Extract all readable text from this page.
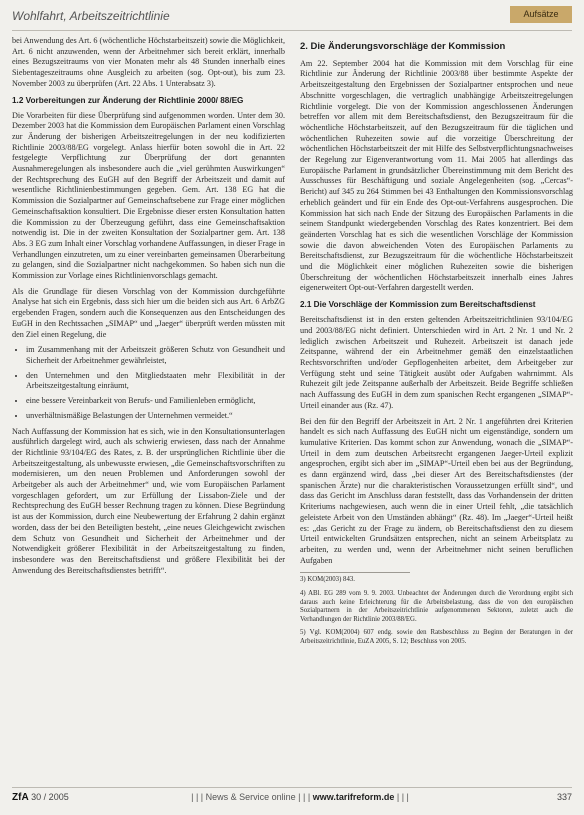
Wohlfahrt, Arbeitszeitrichtlinie	Aufsätze

bei Anwendung des Art. 6 (wöchentliche Höchstarbeitszeit) sowie die Möglichkeit, Art. 6 nicht anzuwenden, wenn der Arbeitnehmer sich bereit erklärt, innerhalb eines Bezugszeitraums von vier Monaten mehr als 48 Stunden innerhalb eines Siebentageszeitraums ohne Ausgleich zu arbeiten (sog. Opt-out), bis zum 23. November 2003 zu überprüfen (Art. 22 Abs. 1 Unterabsatz 3).

1.2 Vorbereitungen zur Änderung der Richtlinie 2000/ 88/EG

Die Vorarbeiten für diese Überprüfung sind aufgenommen worden. Unter dem 30. Dezember 2003 hat die Kommission dem Europäischen Parlament einen Vorschlag zur Änderung der bisherigen Arbeitszeitregelungen in der neu kodifizierten Richtlinie 2003/88/EG vorgelegt. Anlass hierfür boten sowohl die in Art. 22 festgelegte Verpflichtung zur Überprüfung der dort genannten Ausnahmeregelungen als insbesondere auch die „viel gerühmten Auswirkungen“ der Rechtsprechung des EuGH auf den Begriff der Arbeitszeit und damit auf wesentliche Richtlinienbestimmungen gegeben. Gem. Art. 138 EG hat die Kommission die Sozialpartner auf Gemeinschaftsebene zur Frage einer möglichen Gemeinschaftsaktion konsultiert. Die Ergebnisse dieser ersten Konsultation hatten die Kommission zu der Überzeugung geführt, dass eine Gemeinschaftsaktion notwendig ist. Die in der zweiten Konsultation der Sozialpartner gem. Art. 138 Abs. 3 EG zum Inhalt einer Vorschlag vorhandene Auffassungen, in dieser Frage in Verhandlungen einzutreten, um zu einer vereinbarten gemeinsamen Überarbeitung zu gelangen, sind die Sozialpartner nicht nachgekommen. So haben sich nun die Kommission zur Vorlage eines Richtlinienvorschlags gemacht.

Als die Grundlage für diesen Vorschlag von der Kommission durchgeführte Analyse hat sich ein Ergebnis, dass sich hier um die beiden sich aus Art. 6 ArbZG ergebenden Fragen, sondern auch die Konsequenzen aus den Entscheidungen des EuGH in den Rechtssachen „SIMAP“ und „Jaeger“ überprüft werden müssten mit den Ziel einen Regelung, die

• im Zusammenhang mit der Arbeitszeit größeren Schutz von Gesundheit und Sicherheit der Arbeitnehmer gewährleistet,
• den Unternehmen und den Mitgliedstaaten mehr Flexibilität in der Arbeitszeitgestaltung einräumt,
• eine bessere Vereinbarkeit von Berufs- und Familienleben ermöglicht,
• unverhältnismäßige Belastungen der Unternehmen vermeidet.“

Nach Auffassung der Kommission hat es sich, wie in den Konsultationsunterlagen ausführlich dargelegt wird, auch als schwierig erwiesen, dass nach der Annahme der Richtlinie 93/104/EG des Rates, z. B. der ursprünglichen Richtlinie über die Arbeitszeitgestaltung, als unbewusste erwiesen, „die Gemeinschaftsvorschriften zu modernisieren, um den neuen Problemen und Anforderungen sowohl der Arbeitgeber als auch der Arbeitnehmer“ und, wie vom Europäischen Parlament vorgeschlagen gefordert, um zur Erfüllung der Lissabon-Ziele und der Rechtsprechung des EuGH besser Rechnung tragen zu können. Diese Begründung ist aus der Kommission, durch eine Neubewertung der Erfahrung 2 dahin ergänzt worden, dass der bei den Beteiligten besteht, „eine neues Gleichgewicht zwischen dem Schutz von Gesundheit und Sicherheit der Arbeitnehmer und der Notwendigkeit größerer Flexibilität in der Arbeitszeitgestaltung zu finden, insbesondere was den Bereitschaftsdienst und größere Flexibilität bei der Anwendung des Bereitschaftsdienstes betrifft“.

2. Die Änderungsvorschläge der Kommission

Am 22. September 2004 hat die Kommission mit dem Vorschlag für eine Richtlinie zur Änderung der Richtlinie 2003/88 über bestimmte Aspekte der Arbeitszeitgestaltung den Ergebnissen der Sozialpartner entsprochen und neue Abschnitte vorgeschlagen, die vertraglich unabhängige Arbeitszeitregelungen Richtlinie vorgelegt. Die von der Kommission angeschlossenen Änderungen betreffen vor allem mit dem Bereitschaftsdienst, den Bezugszeitraum für die wöchentliche Höchstarbeitszeit, auf den Bezugszeitraum für die täglichen und wöchentlichen Ruhezeiten sowie auf die vorzeitige Überschreitung der wöchentlichen Höchstarbeitszeit der mit Hilfe des Selbstverpflichtungsnachweises der Regelung zur Eigenverantwortung vom 11. Mai 2005 hat allerdings das Europäische Parlament in grundsätzlicher Übereinstimmung mit dem Bericht des Ausschusses für Beschäftigung und soziale Angelegenheiten (sog. „Cercas“-Bericht) auf 345 zu 264 Stimmen bei 43 Enthaltungen den Kommissionsvorschlag erheblich geändert und für ein Ende des Opt-out-Verfahrens ausgesprochen. Die Kommission hat sich nach Ende der Sitzung des Europäischen Parlaments in die seinem Standpunkt wiedergebenden Vorschlag des Rates konzentriert. Bei dem geänderten Vorschlag hat es sich die wesentlichen Vorschläge der Kommission sowie die davon abweichenden Voten des Europäischen Parlaments zu Bereitschaftsdienst, zur Bezugszeitraum für die wöchentliche Höchstarbeitszeit und die Möglichkeit einer möglichen Ruhezeiten sowie die bisherigen Überschreitung der wöchentlichen Höchstarbeitszeit innerhalb eines Jahres eigenerweitert Opt-out-Verfahren dargestellt werden.

2.1 Die Vorschläge der Kommission zum Bereitschaftsdienst

Bereitschaftsdienst ist in den ersten geltenden Arbeitszeitrichtlinien 93/104/EG und 2003/88/EG nicht definiert. Unterschieden wird in Art. 2 Nr. 1 und Nr. 2 lediglich zwischen Arbeitszeit und Ruhezeit. Arbeitszeit ist danach jede Zeitspanne, während der ein Arbeitnehmer gemäß den einzelstaatlichen Rechtsvorschriften und/oder Gepflogenheiten arbeitet, dem Arbeitgeber zur Verfügung steht und seine Tätigkeit ausübt oder Aufgaben wahrnimmt. Als Ruhezeit gilt jede Zeitspanne außerhalb der Arbeitszeit. Beide Begriffe schließen nach Auffassung des EuGH in dem zum spanischen Recht ergangenen „SIMAP“-Urteil einander aus (Rz. 47).

Bei den für den Begriff der Arbeitszeit in Art. 2 Nr. 1 angeführten drei Kriterien handelt es sich nach Auffassung des EuGH nicht um eigenständige, sondern um kumulative Kriterien. Das kommt schon zur Anwendung, wonach die „SIMAP“-Urteil in dem zum deutschen Arbeitsrecht ergangenen Jaeger-Urteil explizit angesprochen, ergibt sich aber im „SIMAP“-Urteil eben bei aus der Begründung, es dann ergänzend wird, dass „bei dieser Art des Bereitschaftsdienstes (der spanischen Ärzte) nur die charakteristischen Voraussetzungen erfüllt sind“, und dass das Gericht im Anschluss daran feststellt, dass das Vorhandensein der dritten Kriteriums nachgewiesen, auch wenn die in einer Urteil fehlt, „die tatsächlich geleistete Arbeit von den Umständen abhängt“ (Rz. 48). Im „Jaeger“-Urteil heißt es: „das Gericht zu der Frage zu ändern, ob Bereitschaftsdienst den zu diesem Urteil entwickelten Grundsätzen entsprechen, nicht an seinem Arbeitsplatz zu arbeiten, zu werden und, wenn der Arbeitnehmer nicht seinen beruflichen Aufgaben

3) KOM(2003) 843.

4) ABl. EG 289 vom 9. 9. 2003. Unbeachtet der Änderungen durch die Verordnung ergibt sich daraus auch keine Erleichterung für die Arbeitsbelastung, dass die von den europäischen Sozialpartnern in der Arbeitszeitrichtlinie aufgenommenen Sektoren, zuletzt auch die Verhandlungen der Richtlinie 2003/88/EG.

5) Vgl. KOM(2004) 607 endg. sowie den Ratsbeschluss zu Beginn der Beratungen in der Arbeitszeitrichtlinie, EuZA 2005, S. 12; Beschluss von 2005.

ZfA 30 / 2005	| | | News & Service online | | | www.tarifreform.de | | |	337
